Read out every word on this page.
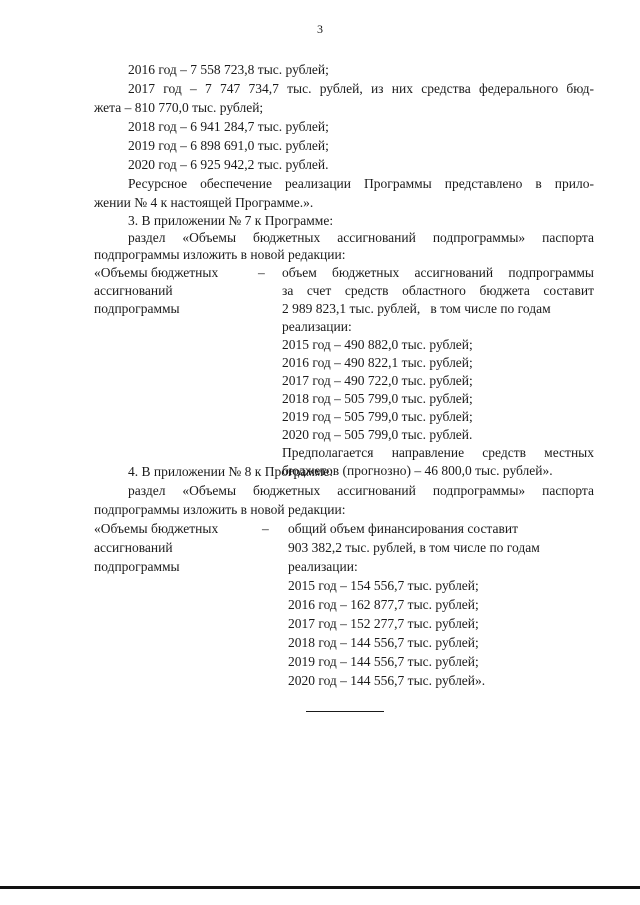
3
2016 год – 7 558 723,8 тыс. рублей;
2017 год – 7 747 734,7 тыс. рублей, из них средства федерального бюд-
жета – 810 770,0 тыс. рублей;
2018 год – 6 941 284,7 тыс. рублей;
2019 год – 6 898 691,0 тыс. рублей;
2020 год – 6 925 942,2 тыс. рублей.
Ресурсное обеспечение реализации Программы представлено в прило-
жении № 4 к настоящей Программе.».
3. В приложении № 7 к Программе:
раздел «Объемы бюджетных ассигнований подпрограммы» паспорта
подпрограммы изложить в новой редакции:
«Объемы бюджетных
ассигнований
подпрограммы
– объем бюджетных ассигнований подпрограммы
за счет средств областного бюджета составит
2 989 823,1 тыс. рублей,   в том числе по годам
реализации:
2015 год – 490 882,0 тыс. рублей;
2016 год – 490 822,1 тыс. рублей;
2017 год – 490 722,0 тыс. рублей;
2018 год – 505 799,0 тыс. рублей;
2019 год – 505 799,0 тыс. рублей;
2020 год – 505 799,0 тыс. рублей.
Предполагается направление средств местных
бюджетов (прогнозно) – 46 800,0 тыс. рублей».
4. В приложении № 8 к Программе:
раздел «Объемы бюджетных ассигнований подпрограммы» паспорта
подпрограммы изложить в новой редакции:
«Объемы бюджетных
ассигнований
подпрограммы
– общий объем финансирования составит
903 382,2 тыс. рублей, в том числе по годам
реализации:
2015 год – 154 556,7 тыс. рублей;
2016 год – 162 877,7 тыс. рублей;
2017 год – 152 277,7 тыс. рублей;
2018 год – 144 556,7 тыс. рублей;
2019 год – 144 556,7 тыс. рублей;
2020 год – 144 556,7 тыс. рублей».
